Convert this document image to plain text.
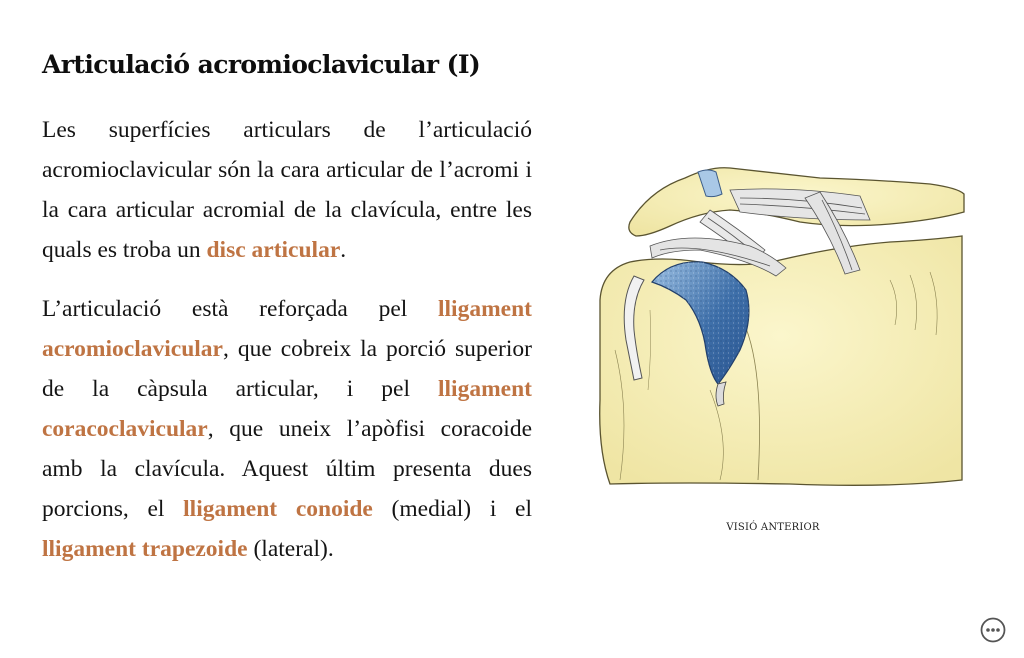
Articulació acromioclavicular (I)

Les superfícies articulars de l’articulació acromioclavicular són la cara articular de l’acromi i la cara articular acromial de la clavícula, entre les quals es troba un disc articular.

L’articulació està reforçada pel lligament acromioclavicular, que cobreix la porció superior de la càpsula articular, i pel lligament coracoclavicular, que uneix l’apòfisi coracoide amb la clavícula. Aquest últim presenta dues porcions, el lligament conoide (medial) i el lligament trapezoide (lateral).

VISIÓ ANTERIOR
